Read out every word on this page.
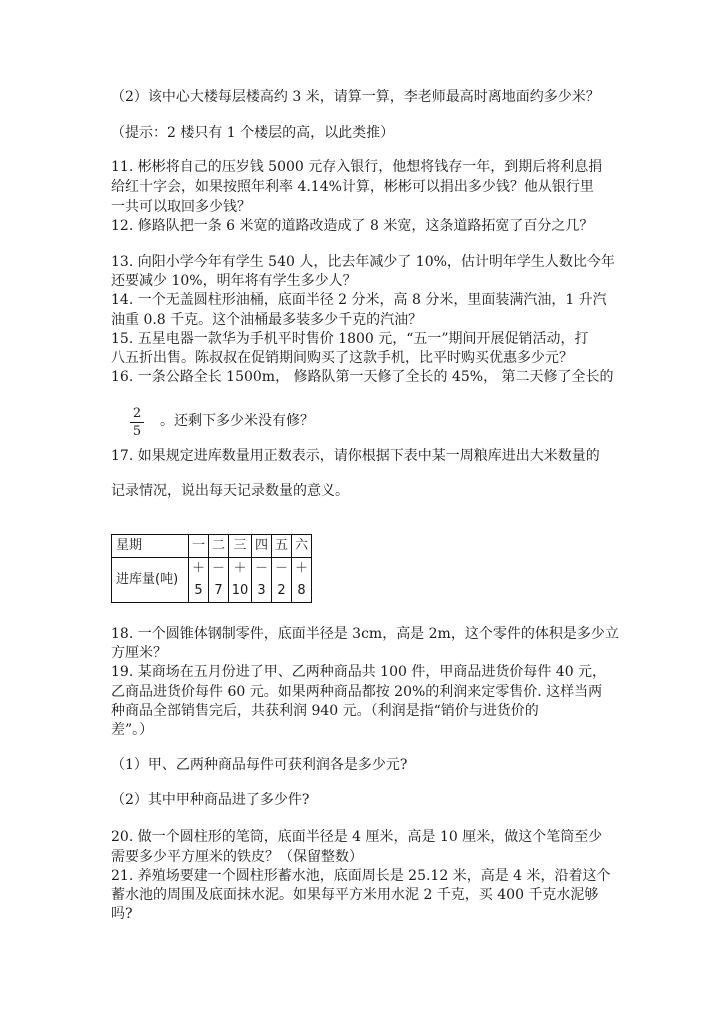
（2）该中心大楼每层楼高约 3 米，请算一算，李老师最高时离地面约多少米？
（提示：2 楼只有 1 个楼层的高，以此类推）
11. 彬彬将自己的压岁钱 5000 元存入银行，他想将钱存一年，到期后将利息捐
给红十字会，如果按照年利率 4.14%计算，彬彬可以捐出多少钱？他从银行里
一共可以取回多少钱？
12. 修路队把一条 6 米宽的道路改造成了 8 米宽，这条道路拓宽了百分之几？
13. 向阳小学今年有学生 540 人，比去年减少了 10%，估计明年学生人数比今年
还要减少 10%，明年将有学生多少人？
14. 一个无盖圆柱形油桶，底面半径 2 分米，高 8 分米，里面装满汽油，1 升汽
油重 0.8 千克。这个油桶最多装多少千克的汽油？
15. 五星电器一款华为手机平时售价 1800 元，“五一”期间开展促销活动，打
八五折出售。陈叔叔在促销期间购买了这款手机，比平时购买优惠多少元？
16. 一条公路全长 1500m， 修路队第一天修了全长的 45%， 第二天修了全长的
2
5
。还剩下多少米没有修？
17. 如果规定进库数量用正数表示，请你根据下表中某一周粮库进出大米数量的
记录情况，说出每天记录数量的意义。
星期	一	二	三	四	五	六
进库量(吨)	＋5	－7	＋10	－3	－2	＋8
18. 一个圆锥体钢制零件，底面半径是 3cm，高是 2m，这个零件的体积是多少立
方厘米？
19. 某商场在五月份进了甲、乙两种商品共 100 件，甲商品进货价每件 40 元，
乙商品进货价每件 60 元。如果两种商品都按 20%的利润来定零售价. 这样当两
种商品全部销售完后，共获利润 940 元。（利润是指“销价与进货价的
差”。）
（1）甲、乙两种商品每件可获利润各是多少元?
（2）其中甲种商品进了多少件?
20. 做一个圆柱形的笔筒，底面半径是 4 厘米，高是 10 厘米，做这个笔筒至少
需要多少平方厘米的铁皮？（保留整数）
21. 养殖场要建一个圆柱形蓄水池，底面周长是 25.12 米，高是 4 米，沿着这个
蓄水池的周围及底面抹水泥。如果每平方米用水泥 2 千克，买 400 千克水泥够
吗?
